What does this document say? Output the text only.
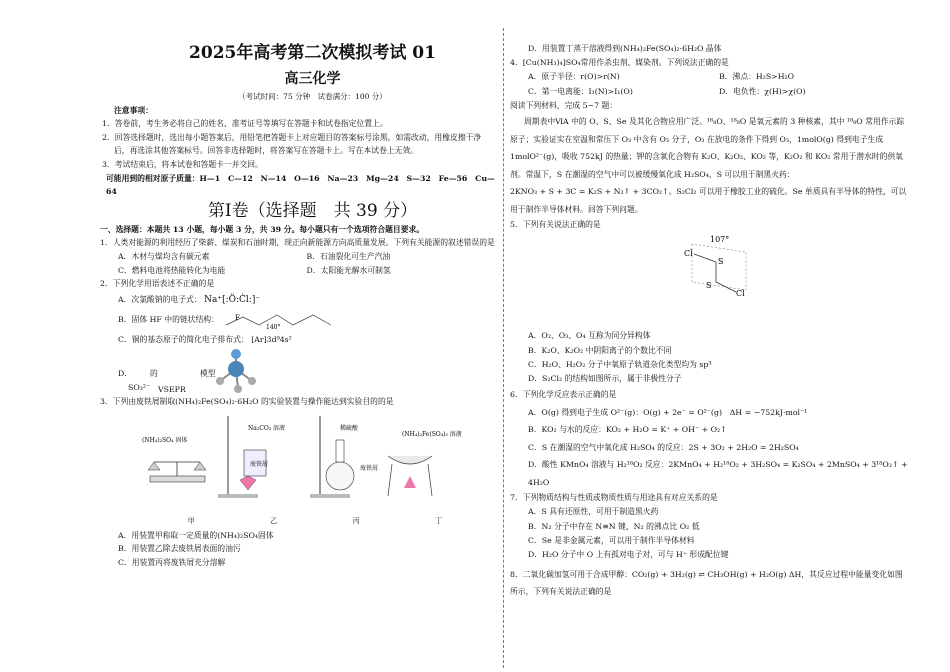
2025年高考第二次模拟考试 01
高三化学
（考试时间：75 分钟　试卷满分：100 分）
注意事项：
1．答卷前，考生务必将自己的姓名、准考证号等填写在答题卡和试卷指定位置上。
2．回答选择题时，选出每小题答案后，用铅笔把答题卡上对应题目的答案标号涂黑。如需改动，用橡皮擦干净后，再选涂其他答案标号。回答非选择题时，将答案写在答题卡上。写在本试卷上无效。
3．考试结束后，将本试卷和答题卡一并交回。
可能用到的相对原子质量：H—1　C—12　N—14　O—16　Na—23　Mg—24　S—32　Fe—56　Cu—64
第Ⅰ卷（选择题　共 39 分）
一、选择题：本题共 13 小题，每小题 3 分，共 39 分。每小题只有一个选项符合题目要求。
1．人类对能源的利用经历了柴薪、煤炭和石油时期，现正向新能源方向高质量发展。下列有关能源的叙述错误的是
A．木材与煤均含有碳元素	B．石油裂化可生产汽油
C．燃料电池将热能转化为电能	D．太阳能光解水可制氢
2．下列化学用语表述不正确的是
A．次氯酸钠的电子式： Na⁺[:Ö:Ċl:]⁻
B．固体 HF 中的链状结构： F
140°
C．铜的基态原子的简化电子排布式： [Ar]3d⁹4s²
D． 的	模型
SO₃²⁻ VSEPR
3．下列由废铁屑制取(NH₄)₂Fe(SO₄)₂·6H₂O 的实验装置与操作能达到实验目的的是
(NH₄)₂SO₄ 固体
Na₂CO₃ 溶液
废铁屑
稀硫酸
废铁屑
(NH₄)₂Fe(SO₄)₂ 溶液
甲	乙	丙	丁
A．用装置甲称取一定质量的(NH₄)₂SO₄固体
B．用装置乙除去废铁屑表面的油污
C．用装置丙将废铁屑充分溶解
D．用装置丁蒸干溶液得到(NH₄)₂Fe(SO₄)₂·6H₂O 晶体
4．[Cu(NH₃)₄]SO₄常用作杀虫剂、媒染剂。下列说法正确的是
A．原子半径：r(O)>r(N)	B．沸点：H₂S>H₂O
C．第一电离能：I₁(N)>I₁(O)	D．电负性：χ(H)>χ(O)
阅读下列材料，完成 5~7 题：
周期表中ⅥA 中的 O、S、Se 及其化合物应用广泛。¹⁶₈O、¹⁸₈O 是氧元素的 3 种核素，其中 ¹⁸₈O 常用作示踪原子；实验证实在室温和常压下 O₃ 中含有 O₃ 分子，O₃ 在放电的条件下得到 O₃，1molO(g) 得到电子生成 1molO²⁻(g)，吸收 752kJ 的热量；钾的含氧化合物有 K₂O、K₂O₂、KO₂ 等，K₂O₂ 和 KO₂ 常用于潜水时的供氧剂。常温下，S 在潮湿的空气中可以被缓慢氧化成 H₂SO₄，S 可以用于制黑火药：
2KNO₃ + S + 3C = K₂S + N₂↑ + 3CO₂↑。S₂Cl₂ 可以用于橡胶工业的硫化。Se 单质具有半导体的特性，可以用于制作半导体材料。回答下列问题。
5．下列有关说法正确的是
107°
Cl
S
S
Cl
A．O₂、O₃、O₄ 互称为同分异构体
B．K₂O、K₂O₂ 中阴阳离子的个数比不同
C．H₂O、H₂O₂ 分子中氧原子轨道杂化类型均为 sp³
D．S₂Cl₂ 的结构如图所示，属于非极性分子
6．下列化学反应表示正确的是
A．O(g) 得到电子生成 O²⁻(g)：O(g) + 2e⁻ = O²⁻(g)　ΔH = −752kJ·mol⁻¹
B．KO₂ 与水的反应：KO₂ + H₂O = K⁺ + OH⁻ + O₂↑
C．S 在潮湿的空气中氧化成 H₂SO₄ 的反应：2S + 3O₂ + 2H₂O = 2H₂SO₄
D．酸性 KMnO₄ 溶液与 H₂¹⁸O₂ 反应：2KMnO₄ + H₂¹⁸O₂ + 3H₂SO₄ = K₂SO₄ + 2MnSO₄ + 3¹⁸O₂↑ + 4H₂O
7．下列物质结构与性质或物质性质与用途具有对应关系的是
A．S 具有还原性，可用于制造黑火药
B．N₂ 分子中存在 N≡N 键，N₂ 的沸点比 O₂ 低
C．Se 是非金属元素，可以用于制作半导体材料
D．H₂O 分子中 O 上有孤对电子对，可与 H⁺ 形成配位键
8．二氧化碳加氢可用于合成甲醇：CO₂(g) + 3H₂(g) ⇌ CH₃OH(g) + H₂O(g) ΔH，其反应过程中能量变化如图所示，下列有关说法正确的是
